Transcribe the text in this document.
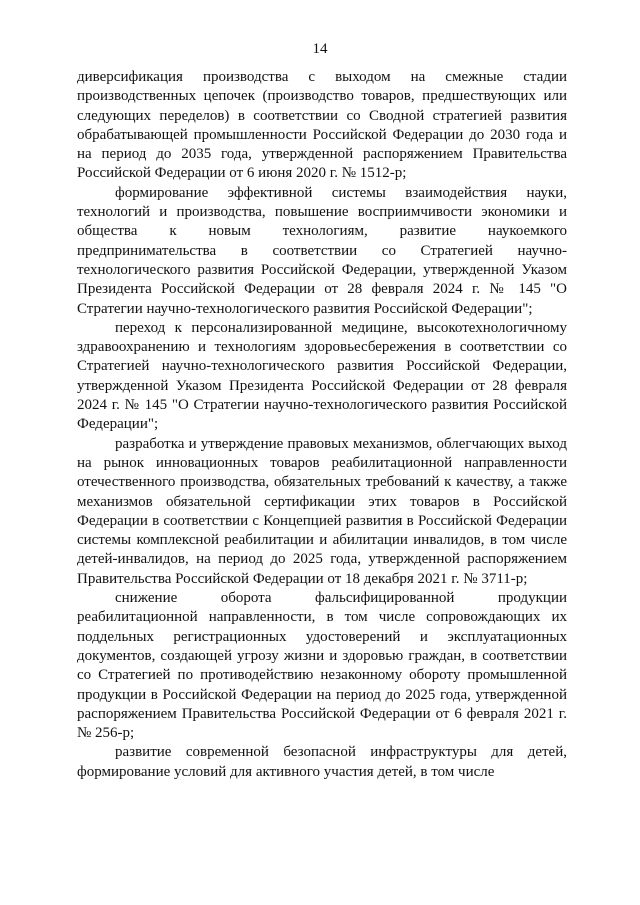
14

диверсификация производства с выходом на смежные стадии производственных цепочек (производство товаров, предшествующих или следующих переделов) в соответствии со Сводной стратегией развития обрабатывающей промышленности Российской Федерации до 2030 года и на период до 2035 года, утвержденной распоряжением Правительства Российской Федерации от 6 июня 2020 г. № 1512-р;

формирование эффективной системы взаимодействия науки, технологий и производства, повышение восприимчивости экономики и общества к новым технологиям, развитие наукоемкого предпринимательства в соответствии со Стратегией научно-технологического развития Российской Федерации, утвержденной Указом Президента Российской Федерации от 28 февраля 2024 г. № 145 "О Стратегии научно-технологического развития Российской Федерации";

переход к персонализированной медицине, высокотехнологичному здравоохранению и технологиям здоровьесбережения в соответствии со Стратегией научно-технологического развития Российской Федерации, утвержденной Указом Президента Российской Федерации от 28 февраля 2024 г. № 145 "О Стратегии научно-технологического развития Российской Федерации";

разработка и утверждение правовых механизмов, облегчающих выход на рынок инновационных товаров реабилитационной направленности отечественного производства, обязательных требований к качеству, а также механизмов обязательной сертификации этих товаров в Российской Федерации в соответствии с Концепцией развития в Российской Федерации системы комплексной реабилитации и абилитации инвалидов, в том числе детей-инвалидов, на период до 2025 года, утвержденной распоряжением Правительства Российской Федерации от 18 декабря 2021 г. № 3711-р;

снижение оборота фальсифицированной продукции реабилитационной направленности, в том числе сопровождающих их поддельных регистрационных удостоверений и эксплуатационных документов, создающей угрозу жизни и здоровью граждан, в соответствии со Стратегией по противодействию незаконному обороту промышленной продукции в Российской Федерации на период до 2025 года, утвержденной распоряжением Правительства Российской Федерации от 6 февраля 2021 г. № 256-р;

развитие современной безопасной инфраструктуры для детей, формирование условий для активного участия детей, в том числе
